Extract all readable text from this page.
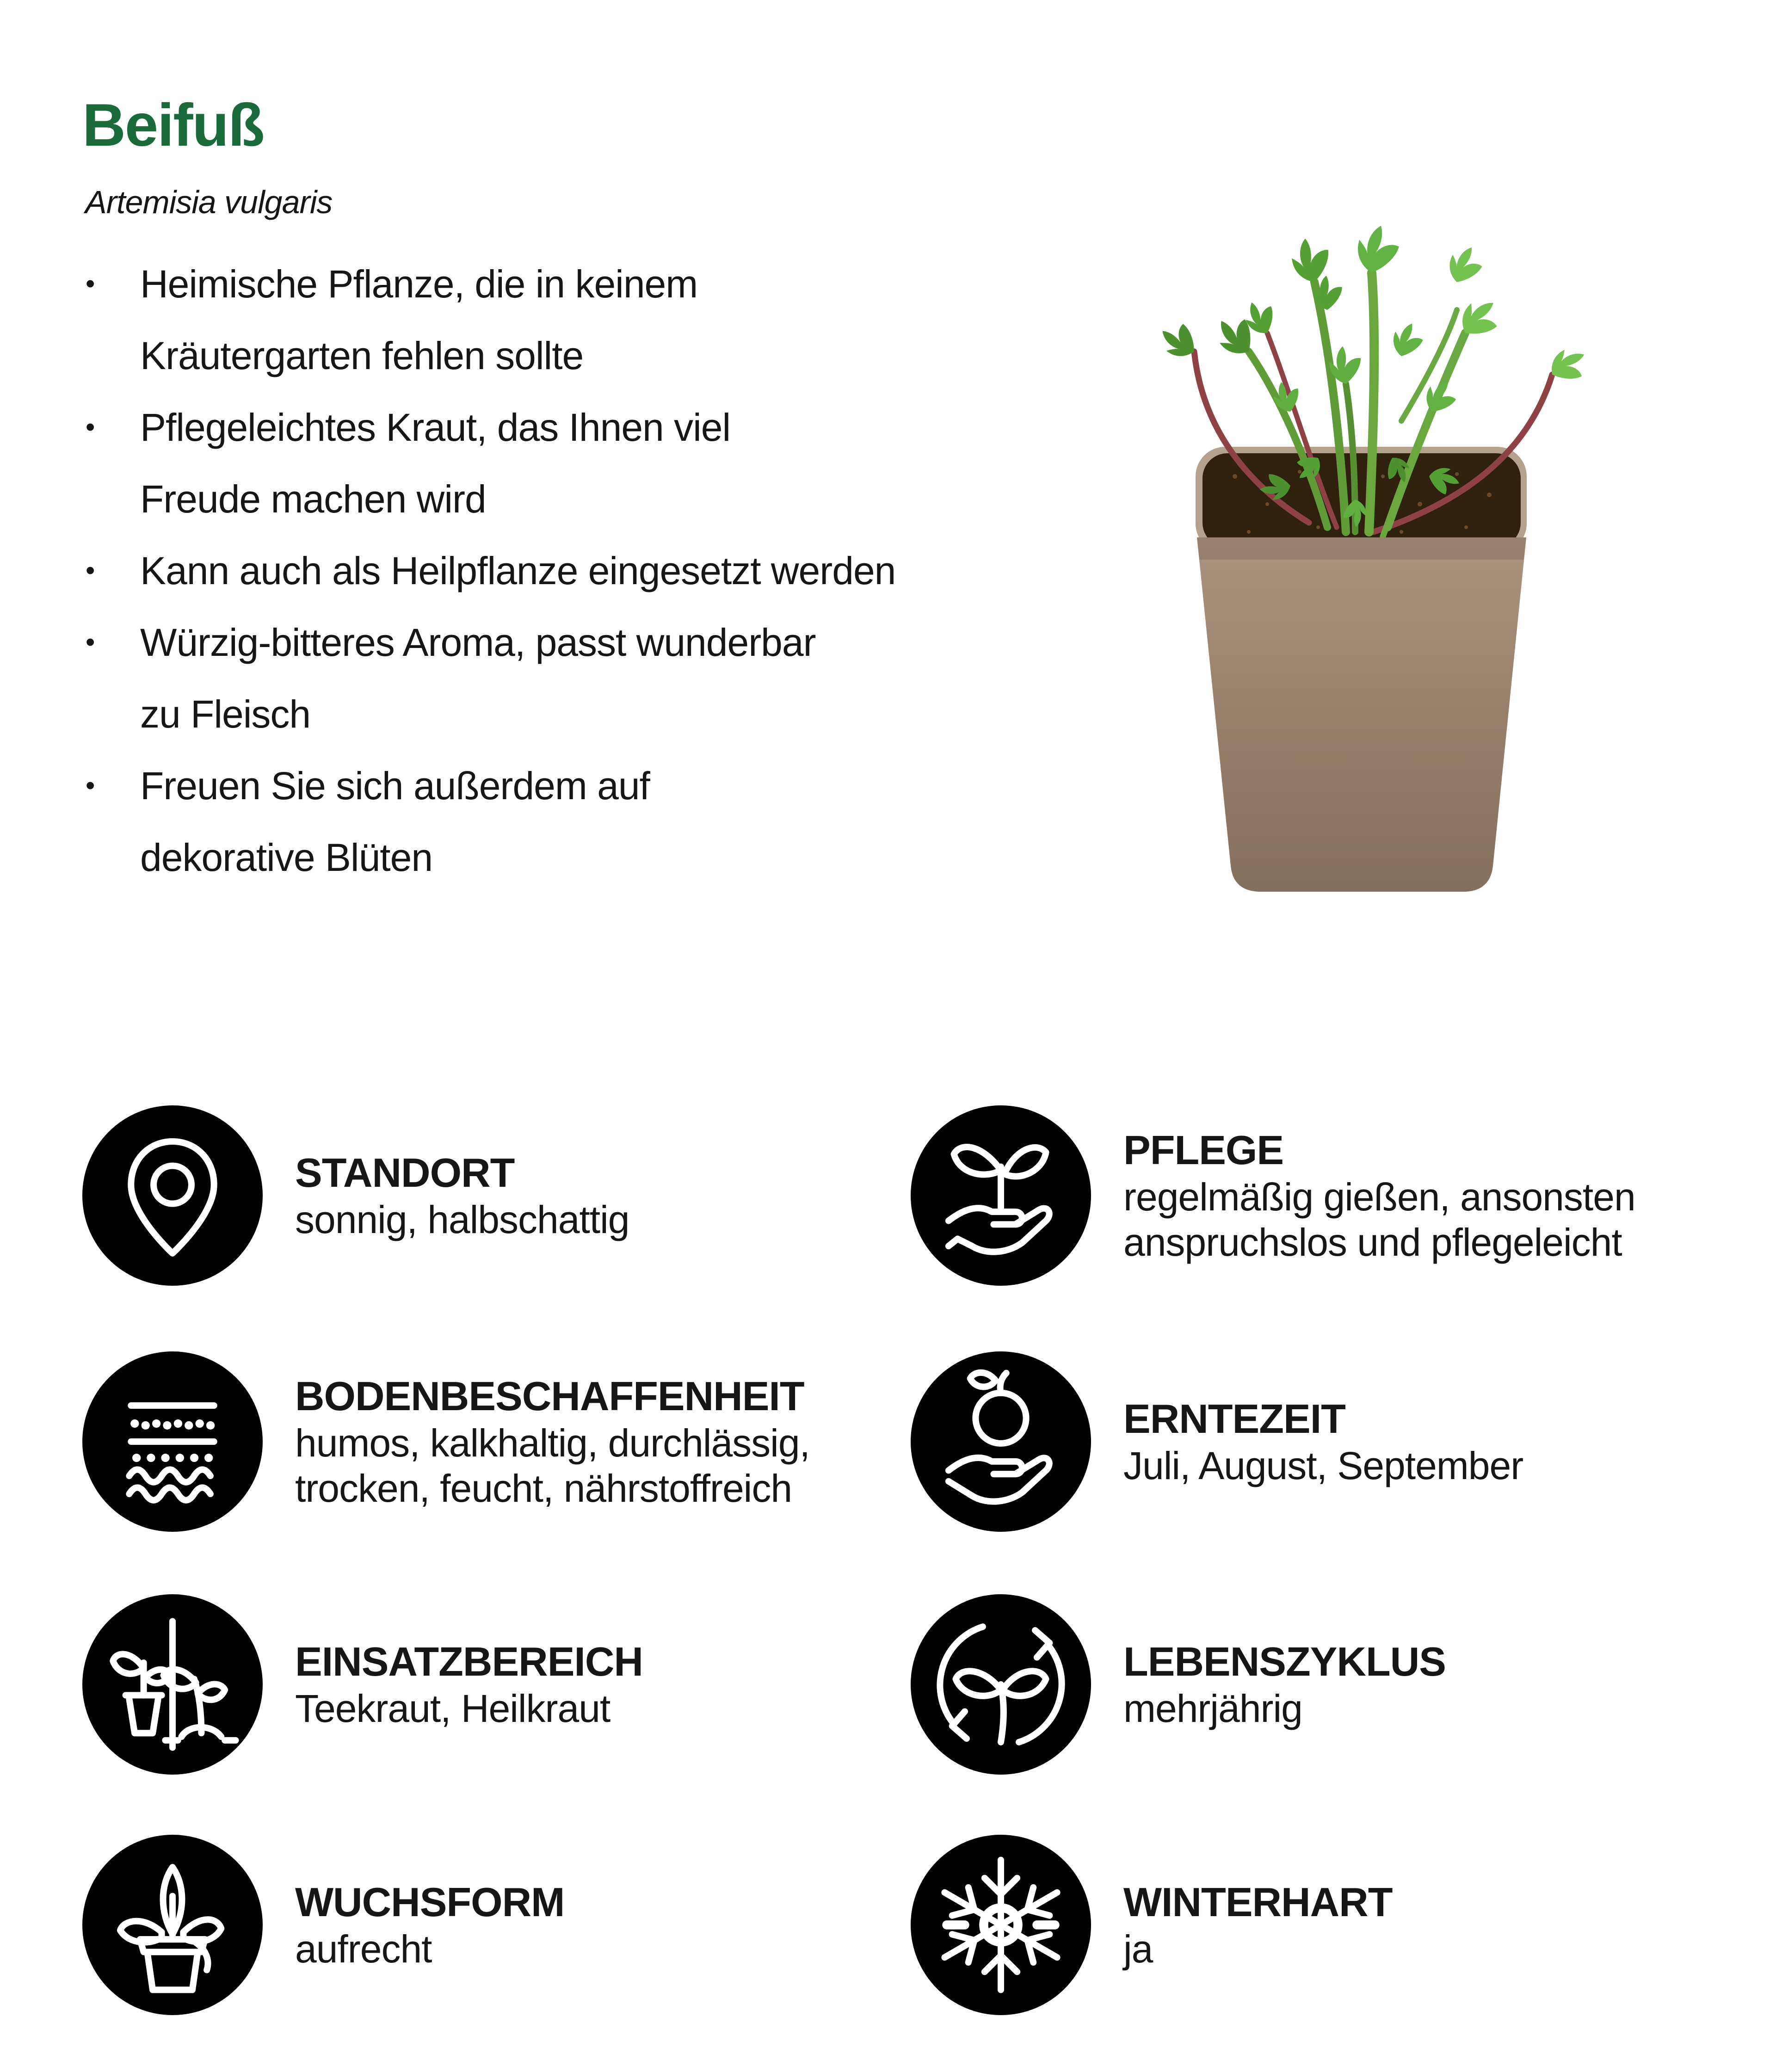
Beifuß

Artemisia vulgaris

• Heimische Pflanze, die in keinem
Kräutergarten fehlen sollte
• Pflegeleichtes Kraut, das Ihnen viel
Freude machen wird
• Kann auch als Heilpflanze eingesetzt werden
• Würzig-bitteres Aroma, passt wunderbar
zu Fleisch
• Freuen Sie sich außerdem auf
dekorative Blüten
STANDORT
sonnig, halbschattig
PFLEGE
regelmäßig gießen, ansonsten
anspruchslos und pflegeleicht
BODENBESCHAFFENHEIT
humos, kalkhaltig, durchlässig,
trocken, feucht, nährstoffreich
ERNTEZEIT
Juli, August, September
EINSATZBEREICH
Teekraut, Heilkraut
LEBENSZYKLUS
mehrjährig
WUCHSFORM
aufrecht
WINTERHART
ja
